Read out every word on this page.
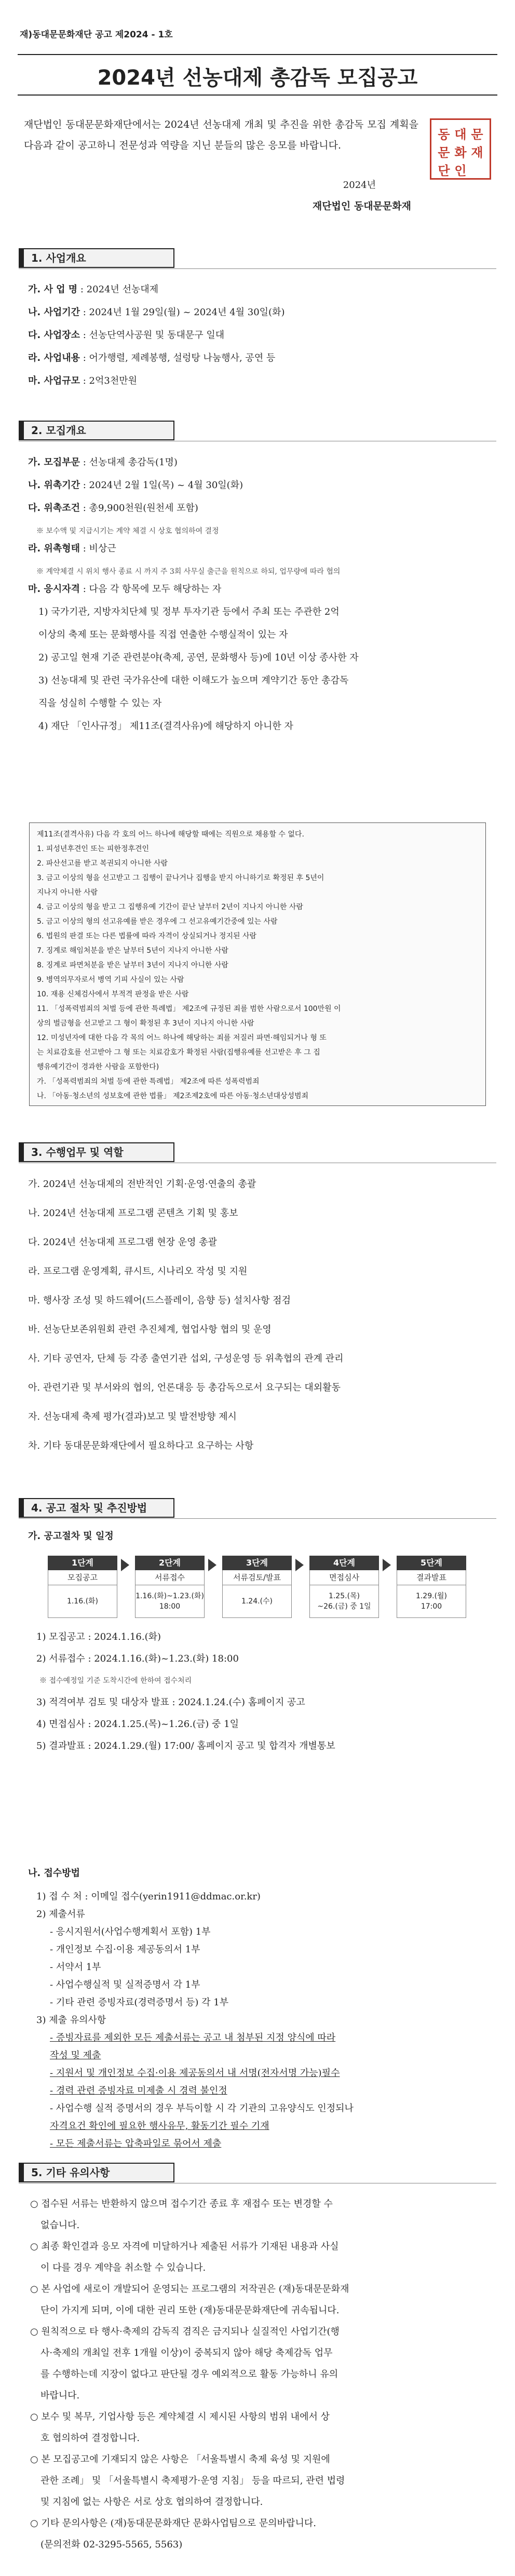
재)동대문문화재단 공고 제2024 - 1호
2024년 선농대제 총감독 모집공고
재단법인 동대문문화재단에서는 2024년 선농대제 개최 및 추진을 위한 총감독 모집 계획을 다음과 같이 공고하니 전문성과 역량을 지닌 분들의 많은 응모를 바랍니다.
2024년
재단법인 동대문문화재
동 대 문
문 화 재
단 인
1. 사업개요
2. 모집개요
제11조(결격사유) 다음 각 호의 어느 하나에 해당할 때에는 직원으로 채용할 수 없다.
1. 피성년후견인 또는 피한정후견인
2. 파산선고를 받고 복권되지 아니한 사람
3. 금고 이상의 형을 선고받고 그 집행이 끝나거나 집행을 받지 아니하기로 확정된 후 5년이
지나지 아니한 사람
4. 금고 이상의 형을 받고 그 집행유예 기간이 끝난 날부터 2년이 지나지 아니한 사람
5. 금고 이상의 형의 선고유예를 받은 경우에 그 선고유예기간중에 있는 사람
6. 법원의 판결 또는 다른 법률에 따라 자격이 상실되거나 정지된 사람
7. 징계로 해임처분을 받은 날부터 5년이 지나지 아니한 사람
8. 징계로 파면처분을 받은 날부터 3년이 지나지 아니한 사람
9. 병역의무자로서 병역 기피 사실이 있는 사람
10. 재용 신체검사에서 부적격 판정을 받은 사람
11. 「성폭력범죄의 처벌 등에 관한 특례법」 제2조에 규정된 죄를 범한 사람으로서 100만원 이
상의 벌금형을 선고받고 그 형이 확정된 후 3년이 지나지 아니한 사람
12. 미성년자에 대한 다음 각 목의 어느 하나에 해당하는 죄를 저질러 파면·해임되거나 형 또
는 치료감호를 선고받아 그 형 또는 치료감호가 확정된 사람(집행유예를 선고받은 후 그 집
행유예기간이 경과한 사람을 포함한다)
가. 「성폭력범죄의 처벌 등에 관한 특례법」 제2조에 따른 성폭력범죄
나. 「아동·청소년의 성보호에 관한 법률」 제2조제2호에 따른 아동·청소년대상성범죄
3. 수행업무 및 역할
4. 공고 절차 및 추진방법
가. 공고절차 및 일정
나. 접수방법
5. 기타 유의사항
가. 사 업 명 : 2024년 선농대제
나. 사업기간 : 2024년 1월 29일(월) ~ 2024년 4월 30일(화)
다. 사업장소 : 선농단역사공원 및 동대문구 일대
라. 사업내용 : 어가행렬, 제례봉행, 설렁탕 나눔행사, 공연 등
마. 사업규모 : 2억3천만원
가. 모집부문 : 선농대제 총감독(1명)
나. 위촉기간 : 2024년 2월 1일(목) ~ 4월 30일(화)
다. 위촉조건 : 총9,900천원(원천세 포함)
※ 보수액 및 지급시기는 계약 체결 시 상호 협의하여 결정
라. 위촉형태 : 비상근
※ 계약체결 시 위치 행사 종료 시 까지 주 3회 사무실 출근을 원칙으로 하되, 업무량에 따라 협의
마. 응시자격 : 다음 각 항목에 모두 해당하는 자
1) 국가기관, 지방자치단체 및 정부 투자기관 등에서 주최 또는 주관한 2억
이상의 축제 또는 문화행사를 직접 연출한 수행실적이 있는 자
2) 공고일 현재 기준 관련분야(축제, 공연, 문화행사 등)에 10년 이상 종사한 자
3) 선농대제 및 관련 국가유산에 대한 이해도가 높으며 계약기간 동안 총감독
직을 성실히 수행할 수 있는 자
4) 재단 「인사규정」 제11조(결격사유)에 해당하지 아니한 자
가. 2024년 선농대제의 전반적인 기획·운영·연출의 총괄
나. 2024년 선농대제 프로그램 콘텐츠 기획 및 홍보
다. 2024년 선농대제 프로그램 현장 운영 총괄
라. 프로그램 운영계획, 큐시트, 시나리오 작성 및 지원
마. 행사장 조성 및 하드웨어(드스플레이, 음향 등) 설치사항 점검
바. 선농단보존위원회 관련 추진체계, 협업사항 협의 및 운영
사. 기타 공연자, 단체 등 각종 출연기관 섭외, 구성운영 등 위촉협의 관계 관리
아. 관련기관 및 부서와의 협의, 언론대응 등 총감독으로서 요구되는 대외활동
자. 선농대제 축제 평가(결과)보고 및 발전방향 제시
차. 기타 동대문문화재단에서 필요하다고 요구하는 사항
1단계
모집공고
1.16.(화)
2단계
서류접수
1.16.(화)~1.23.(화)
18:00
3단계
서류검토/발표
1.24.(수)
4단계
면접심사
1.25.(목)
~26.(금) 중 1일
5단계
결과발표
1.29.(월)
17:00
1) 모집공고 : 2024.1.16.(화)
2) 서류접수 : 2024.1.16.(화)~1.23.(화) 18:00
※ 접수예정일 기준 도착시간에 한하여 접수처리
3) 적격여부 검토 및 대상자 발표 : 2024.1.24.(수) 홈페이지 공고
4) 면접심사 : 2024.1.25.(목)~1.26.(금) 중 1일
5) 결과발표 : 2024.1.29.(월) 17:00/ 홈페이지 공고 및 합격자 개별통보
1) 접 수 처 : 이메일 접수(yerin1911@ddmac.or.kr)
2) 제출서류
- 응시지원서(사업수행계획서 포함) 1부
- 개인정보 수집·이용 제공동의서 1부
- 서약서 1부
- 사업수행실적 및 실적증명서 각 1부
- 기타 관련 증빙자료(경력증명서 등) 각 1부
3) 제출 유의사항
- 증빙자료를 제외한 모든 제출서류는 공고 내 첨부된 지정 양식에 따라
작성 및 제출
- 지원서 및 개인정보 수집·이용 제공동의서 내 서명(전자서명 가능)필수
- 경력 관련 증빙자료 미제출 시 경력 불인정
- 사업수행 실적 증명서의 경우 부득이할 시 각 기관의 고유양식도 인정되나
자격요건 확인에 필요한 행사유무, 활동기간 필수 기재
- 모든 제출서류는 압축파일로 묶어서 제출
○ 접수된 서류는 반환하지 않으며 접수기간 종료 후 재접수 또는 변경할 수
없습니다.
○ 최종 확인결과 응모 자격에 미달하거나 제출된 서류가 기재된 내용과 사실
이 다를 경우 계약을 취소할 수 있습니다.
○ 본 사업에 새로이 개발되어 운영되는 프로그램의 저작권은 (재)동대문문화재
단이 가지게 되며, 이에 대한 권리 또한 (재)동대문문화재단에 귀속됩니다.
○ 원칙적으로 타 행사·축제의 감독직 겸직은 금지되나 실질적인 사업기간(행
사·축제의 개최일 전후 1개월 이상)이 중복되지 않아 해당 축제감독 업무
를 수행하는데 지장이 없다고 판단될 경우 예외적으로 활동 가능하니 유의
바랍니다.
○ 보수 및 복무, 기업사항 등은 계약체결 시 제시된 사항의 범위 내에서 상
호 협의하여 결정합니다.
○ 본 모집공고에 기재되지 않은 사항은 「서울특별시 축제 육성 및 지원에
관한 조례」 및 「서울특별시 축제평가·운영 지침」 등을 따르되, 관련 법령
및 지침에 없는 사항은 서로 상호 협의하여 결정합니다.
○ 기타 문의사항은 (재)동대문문화재단 문화사업팀으로 문의바랍니다.
(문의전화 02-3295-5565, 5563)
